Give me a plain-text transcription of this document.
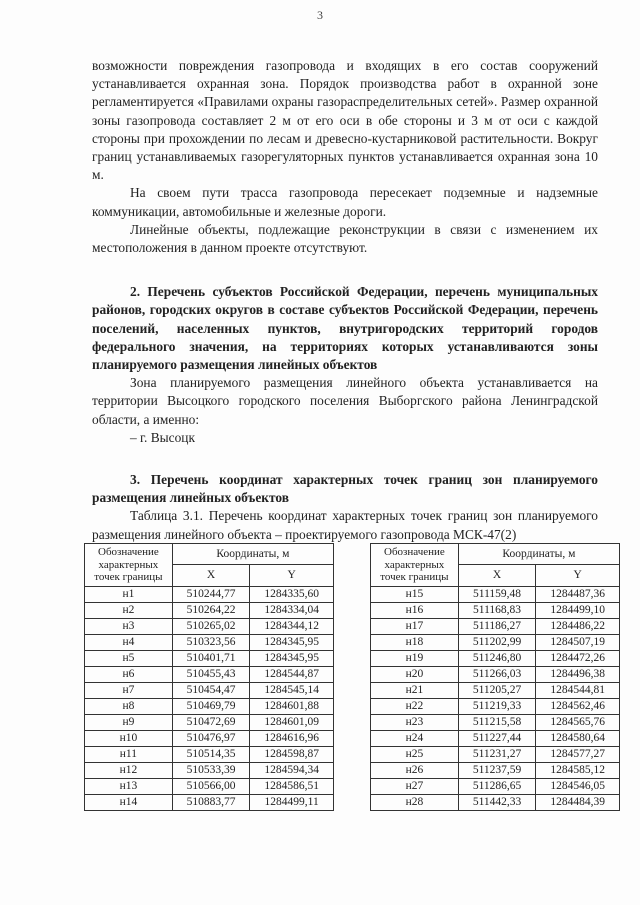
3

возможности повреждения газопровода и входящих в его состав сооружений устанавливается охранная зона. Порядок производства работ в охранной зоне регламентируется «Правилами охраны газораспределительных сетей». Размер охранной зоны газопровода составляет 2 м от его оси в обе стороны и 3 м от оси с каждой стороны при прохождении по лесам и древесно-кустарниковой растительности. Вокруг границ устанавливаемых газорегуляторных пунктов устанавливается охранная зона 10 м.

На своем пути трасса газопровода пересекает подземные и надземные коммуникации, автомобильные и железные дороги.

Линейные объекты, подлежащие реконструкции в связи с изменением их местоположения в данном проекте отсутствуют.

2. Перечень субъектов Российской Федерации, перечень муниципальных районов, городских округов в составе субъектов Российской Федерации, перечень поселений, населенных пунктов, внутригородских территорий городов федерального значения, на территориях которых устанавливаются зоны планируемого размещения линейных объектов

Зона планируемого размещения линейного объекта устанавливается на территории Высоцкого городского поселения Выборгского района Ленинградской области, а именно:

– г. Высоцк

3. Перечень координат характерных точек границ зон планируемого размещения линейных объектов

Таблица 3.1. Перечень координат характерных точек границ зон планируемого размещения линейного объекта – проектируемого газопровода МСК-47(2)

Обозначение характерных точек границы	Координаты, м	
	X	Y
н1	510244,77	1284335,60
н2	510264,22	1284334,04
н3	510265,02	1284344,12
н4	510323,56	1284345,95
н5	510401,71	1284345,95
н6	510455,43	1284544,87
н7	510454,47	1284545,14
н8	510469,79	1284601,88
н9	510472,69	1284601,09
н10	510476,97	1284616,96
н11	510514,35	1284598,87
н12	510533,39	1284594,34
н13	510566,00	1284586,51
н14	510883,77	1284499,11
Обозначение характерных точек границы	Координаты, м	
	X	Y
н15	511159,48	1284487,36
н16	511168,83	1284499,10
н17	511186,27	1284486,22
н18	511202,99	1284507,19
н19	511246,80	1284472,26
н20	511266,03	1284496,38
н21	511205,27	1284544,81
н22	511219,33	1284562,46
н23	511215,58	1284565,76
н24	511227,44	1284580,64
н25	511231,27	1284577,27
н26	511237,59	1284585,12
н27	511286,65	1284546,05
н28	511442,33	1284484,39
